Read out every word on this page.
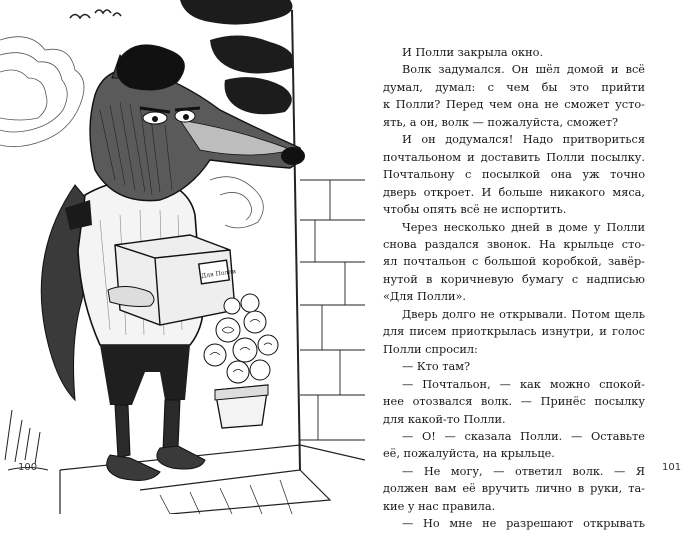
Для Полли
100	101
И Полли закрыла окно.
Волк задумался. Он шёл домой и всё
думал, думал: с чем бы это прийти
к Полли? Перед чем она не сможет усто-
ять, а он, волк — пожалуйста, сможет?
И он додумался! Надо притвориться
почтальоном и доставить Полли посылку.
Почтальону с посылкой она уж точно
дверь откроет. И больше никакого мяса,
чтобы опять всё не испортить.
Через несколько дней в доме у Полли
снова раздался звонок. На крыльце сто-
ял почтальон с большой коробкой, завёр-
нутой в коричневую бумагу с надписью
«Для Полли».
Дверь долго не открывали. Потом щель
для писем приоткрылась изнутри, и голос
Полли спросил:
— Кто там?
— Почтальон, — как можно спокой-
нее отозвался волк. — Принёс посылку
для какой-то Полли.
— О! — сказала Полли. — Оставьте
её, пожалуйста, на крыльце.
— Не могу, — ответил волк. — Я
должен вам её вручить лично в руки, та-
кие у нас правила.
— Но мне не разрешают открывать
